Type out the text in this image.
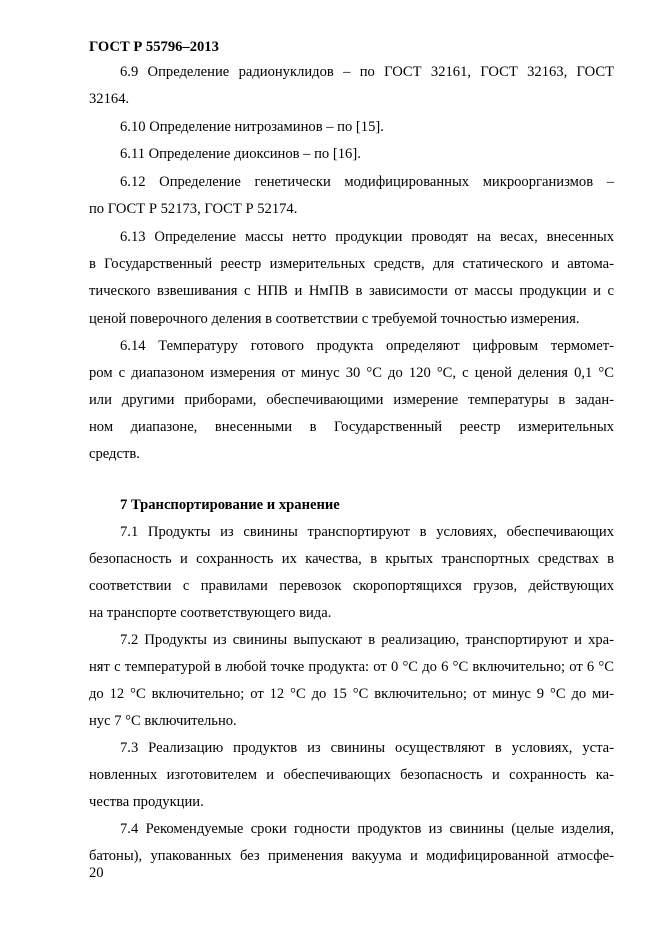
ГОСТ Р 55796–2013
6.9 Определение радионуклидов – по ГОСТ 32161, ГОСТ 32163, ГОСТ
32164.
6.10 Определение нитрозаминов – по [15].
6.11 Определение диоксинов – по [16].
6.12 Определение генетически модифицированных микроорганизмов –
по ГОСТ Р 52173, ГОСТ Р 52174.
6.13 Определение массы нетто продукции проводят на весах, внесенных
в Государственный реестр измерительных средств, для статического и автома-
тического взвешивания с НПВ и НмПВ в зависимости от массы продукции и с
ценой поверочного деления в соответствии с требуемой точностью измерения.
6.14 Температуру готового продукта определяют цифровым термомет-
ром с диапазоном измерения от минус 30 °С до 120 °С, с ценой деления 0,1 °С
или другими приборами, обеспечивающими измерение температуры в задан-
ном диапазоне, внесенными в Государственный реестр измерительных
средств.
7 Транспортирование и хранение
7.1 Продукты из свинины транспортируют в условиях, обеспечивающих
безопасность и сохранность их качества, в крытых транспортных средствах в
соответствии с правилами перевозок скоропортящихся грузов, действующих
на транспорте соответствующего вида.
7.2 Продукты из свинины выпускают в реализацию, транспортируют и хра-
нят с температурой в любой точке продукта: от 0 °С до 6 °С включительно; от 6 °С
до 12 °С включительно; от 12 °С до 15 °С включительно; от минус 9 °С до ми-
нус 7 °С включительно.
7.3 Реализацию продуктов из свинины осуществляют в условиях, уста-
новленных изготовителем и обеспечивающих безопасность и сохранность ка-
чества продукции.
7.4 Рекомендуемые сроки годности продуктов из свинины (целые изделия,
батоны), упакованных без применения вакуума и модифицированной атмосфе-
20
